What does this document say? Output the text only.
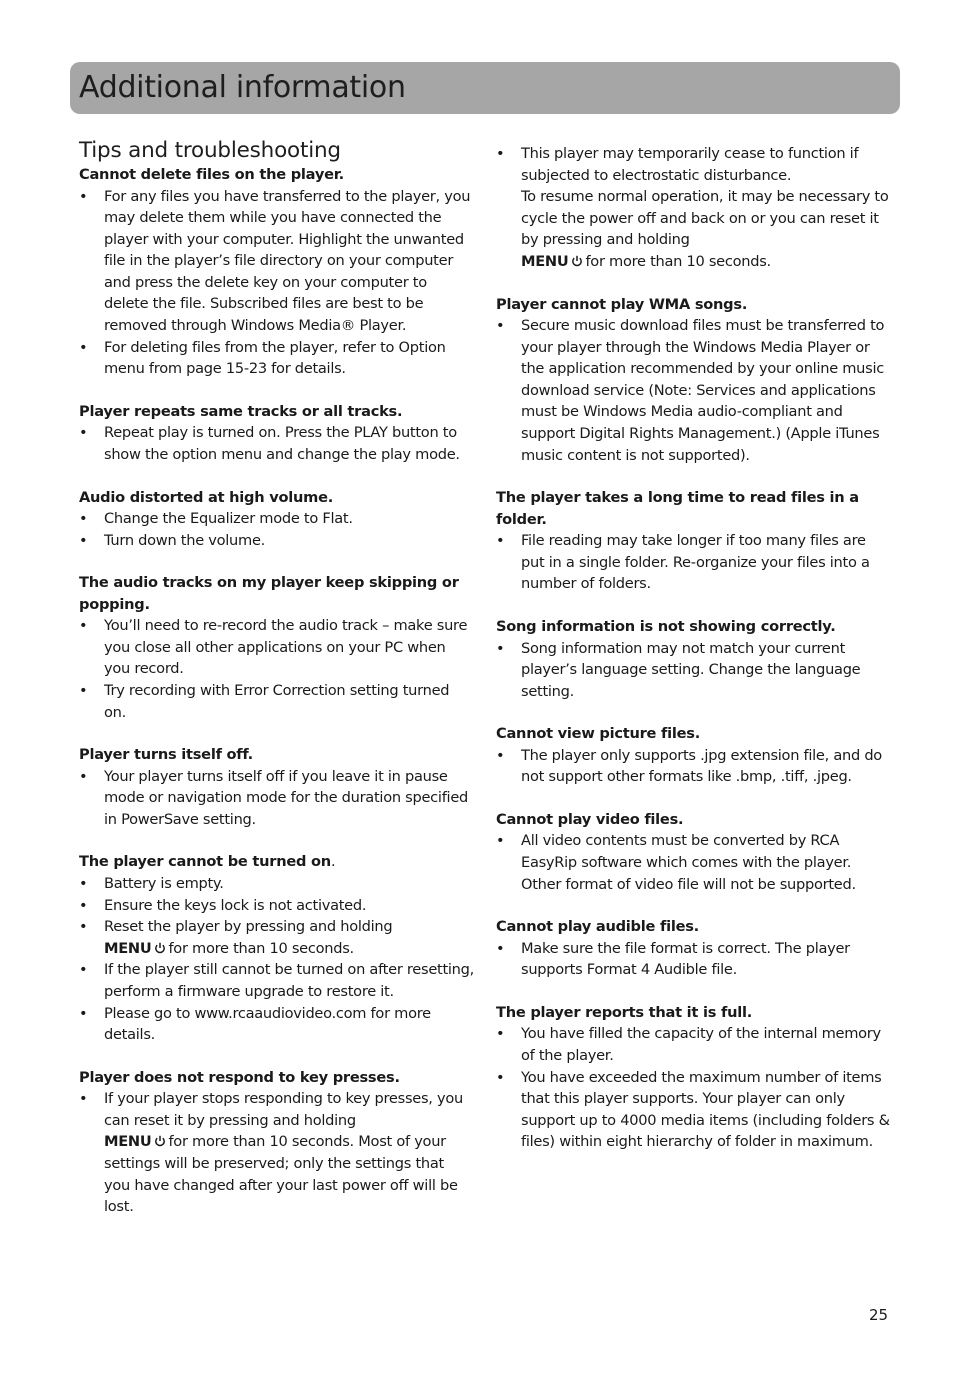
Additional information
Tips and troubleshooting
Cannot delete files on the player.
• For any files you have transferred to the player, you may delete them while you have connected the player with your computer. Highlight the unwanted file in the player’s file directory on your computer and press the delete key on your computer to delete the file. Subscribed files are best to be removed through Windows Media® Player.
• For deleting files from the player, refer to Option menu from page 15-23 for details.
Player repeats same tracks or all tracks.
• Repeat play is turned on. Press the PLAY button to show the option menu and change the play mode.
Audio distorted at high volume.
• Change the Equalizer mode to Flat.
• Turn down the volume.
The audio tracks on my player keep skipping or popping.
• You’ll need to re-record the audio track – make sure you close all other applications on your PC when you record.
• Try recording with Error Correction setting turned on.
Player turns itself off.
• Your player turns itself off if you leave it in pause mode or navigation mode for the duration specified in PowerSave setting.
The player cannot be turned on.
• Battery is empty.
• Ensure the keys lock is not activated.
• Reset the player by pressing and holding
MENU for more than 10 seconds.
• If the player still cannot be turned on after resetting, perform a firmware upgrade to restore it.
• Please go to www.rcaaudiovideo.com for more details.
Player does not respond to key presses.
• If your player stops responding to key presses, you can reset it by pressing and holding
MENU for more than 10 seconds. Most of your settings will be preserved; only the settings that you have changed after your last power off will be lost.
• This player may temporarily cease to function if subjected to electrostatic disturbance.
To resume normal operation, it may be necessary to cycle the power off and back on or you can reset it by pressing and holding
MENU for more than 10 seconds.
Player cannot play WMA songs.
• Secure music download files must be transferred to your player through the Windows Media Player or the application recommended by your online music download service (Note: Services and applications must be Windows Media audio-compliant and support Digital Rights Management.) (Apple iTunes music content is not supported).
The player takes a long time to read files in a folder.
• File reading may take longer if too many files are put in a single folder. Re-organize your files into a number of folders.
Song information is not showing correctly.
• Song information may not match your current player’s language setting. Change the language setting.
Cannot view picture files.
• The player only supports .jpg extension file, and do not support other formats like .bmp, .tiff, .jpeg.
Cannot play video files.
• All video contents must be converted by RCA EasyRip software which comes with the player. Other format of video file will not be supported.
Cannot play audible files.
• Make sure the file format is correct. The player supports Format 4 Audible file.
The player reports that it is full.
• You have filled the capacity of the internal memory of the player.
• You have exceeded the maximum number of items that this player supports. Your player can only support up to 4000 media items (including folders & files) within eight hierarchy of folder in maximum.
25
